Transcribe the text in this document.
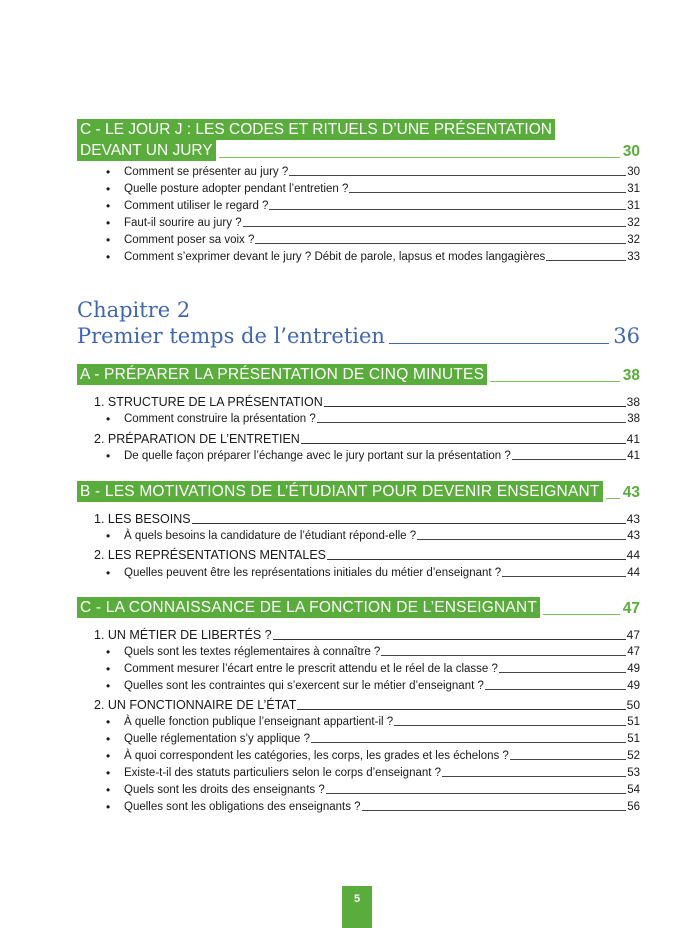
C - LE JOUR J : LES CODES ET RITUELS D’UNE PRÉSENTATION
DEVANT UN JURY	30
•	Comment se présenter au jury ?	30
•	Quelle posture adopter pendant l’entretien ?	31
•	Comment utiliser le regard ?	31
•	Faut-il sourire au jury ?	32
•	Comment poser sa voix ?	32
•	Comment s’exprimer devant le jury ? Débit de parole, lapsus et modes langagières	33
Chapitre 2
Premier temps de l’entretien	36
A - PRÉPARER LA PRÉSENTATION DE CINQ MINUTES	38
1. STRUCTURE DE LA PRÉSENTATION	38
•	Comment construire la présentation ?	38
2. PRÉPARATION DE L’ENTRETIEN	41
•	De quelle façon préparer l’échange avec le jury portant sur la présentation ?	41
B - LES MOTIVATIONS DE L’ÉTUDIANT POUR DEVENIR ENSEIGNANT 43
1. LES BESOINS	43
•	À quels besoins la candidature de l’étudiant répond-elle ?	43
2. LES REPRÉSENTATIONS MENTALES	44
•	Quelles peuvent être les représentations initiales du métier d’enseignant ?	44
C - LA CONNAISSANCE DE LA FONCTION DE L’ENSEIGNANT	47
1. UN MÉTIER DE LIBERTÉS ?	47
•	Quels sont les textes réglementaires à connaître ?	47
•	Comment mesurer l’écart entre le prescrit attendu et le réel de la classe ?	49
•	Quelles sont les contraintes qui s’exercent sur le métier d’enseignant ?	49
2. UN FONCTIONNAIRE DE L’ÉTAT	50
•	À quelle fonction publique l’enseignant appartient-il ?	51
•	Quelle réglementation s’y applique ?	51
•	À quoi correspondent les catégories, les corps, les grades et les échelons ?	52
•	Existe-t-il des statuts particuliers selon le corps d’enseignant ?	53
•	Quels sont les droits des enseignants ?	54
•	Quelles sont les obligations des enseignants ?	56
5
